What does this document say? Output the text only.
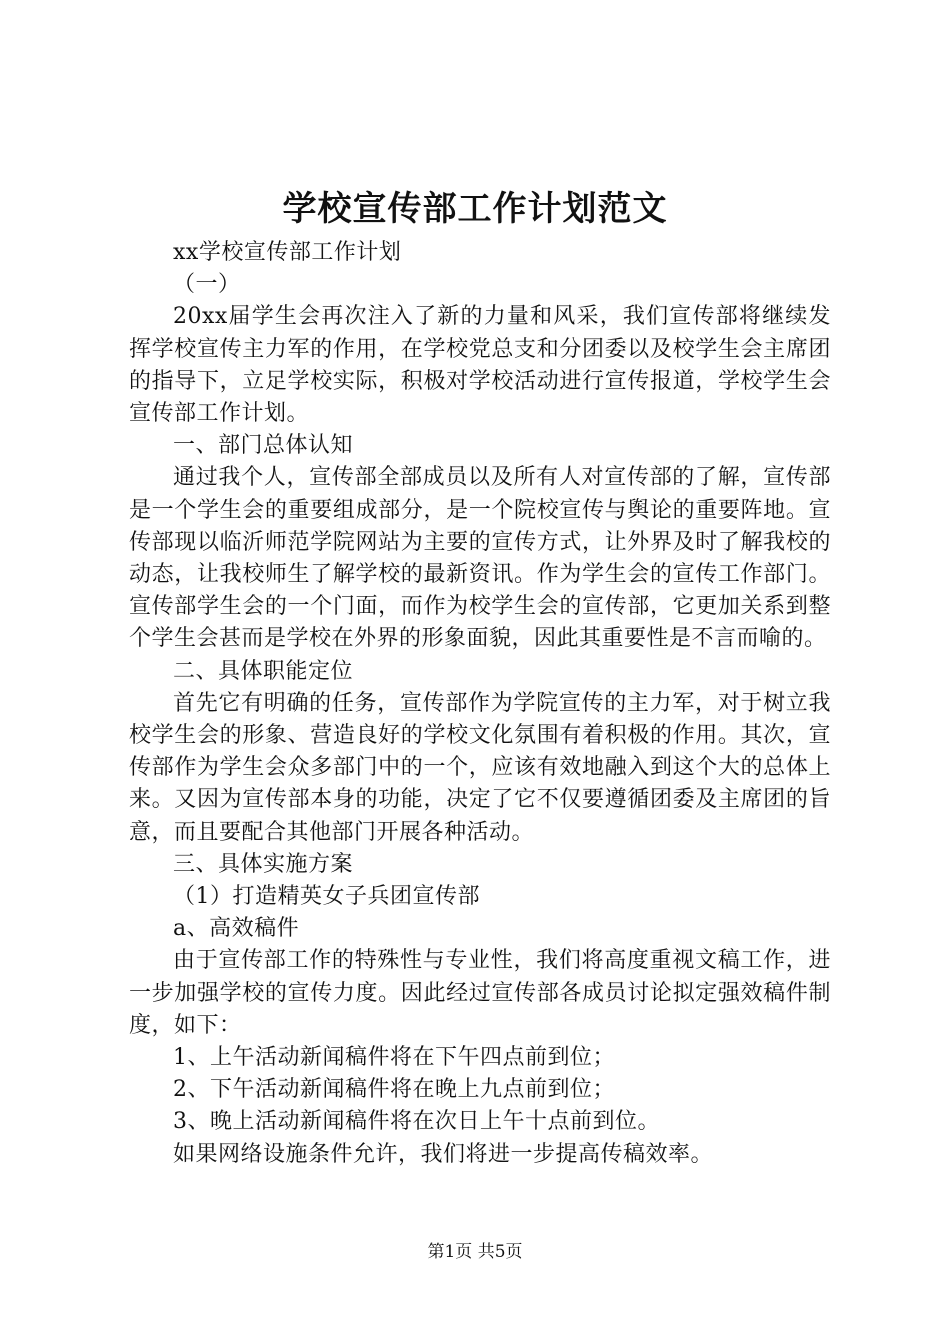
学校宣传部工作计划范文

xx学校宣传部工作计划

（一）

20xx届学生会再次注入了新的力量和风采，我们宣传部将继续发挥学校宣传主力军的作用，在学校党总支和分团委以及校学生会主席团的指导下，立足学校实际，积极对学校活动进行宣传报道，学校学生会宣传部工作计划。

一、部门总体认知

通过我个人，宣传部全部成员以及所有人对宣传部的了解，宣传部是一个学生会的重要组成部分，是一个院校宣传与舆论的重要阵地。宣传部现以临沂师范学院网站为主要的宣传方式，让外界及时了解我校的动态，让我校师生了解学校的最新资讯。作为学生会的宣传工作部门。宣传部学生会的一个门面，而作为校学生会的宣传部，它更加关系到整个学生会甚而是学校在外界的形象面貌，因此其重要性是不言而喻的。

二、具体职能定位

首先它有明确的任务，宣传部作为学院宣传的主力军，对于树立我校学生会的形象、营造良好的学校文化氛围有着积极的作用。其次，宣传部作为学生会众多部门中的一个，应该有效地融入到这个大的总体上来。又因为宣传部本身的功能，决定了它不仅要遵循团委及主席团的旨意，而且要配合其他部门开展各种活动。

三、具体实施方案

（1）打造精英女子兵团宣传部

a、高效稿件

由于宣传部工作的特殊性与专业性，我们将高度重视文稿工作，进一步加强学校的宣传力度。因此经过宣传部各成员讨论拟定强效稿件制度，如下：

1、上午活动新闻稿件将在下午四点前到位；

2、下午活动新闻稿件将在晚上九点前到位；

3、晚上活动新闻稿件将在次日上午十点前到位。

如果网络设施条件允许，我们将进一步提高传稿效率。

第1页 共5页
